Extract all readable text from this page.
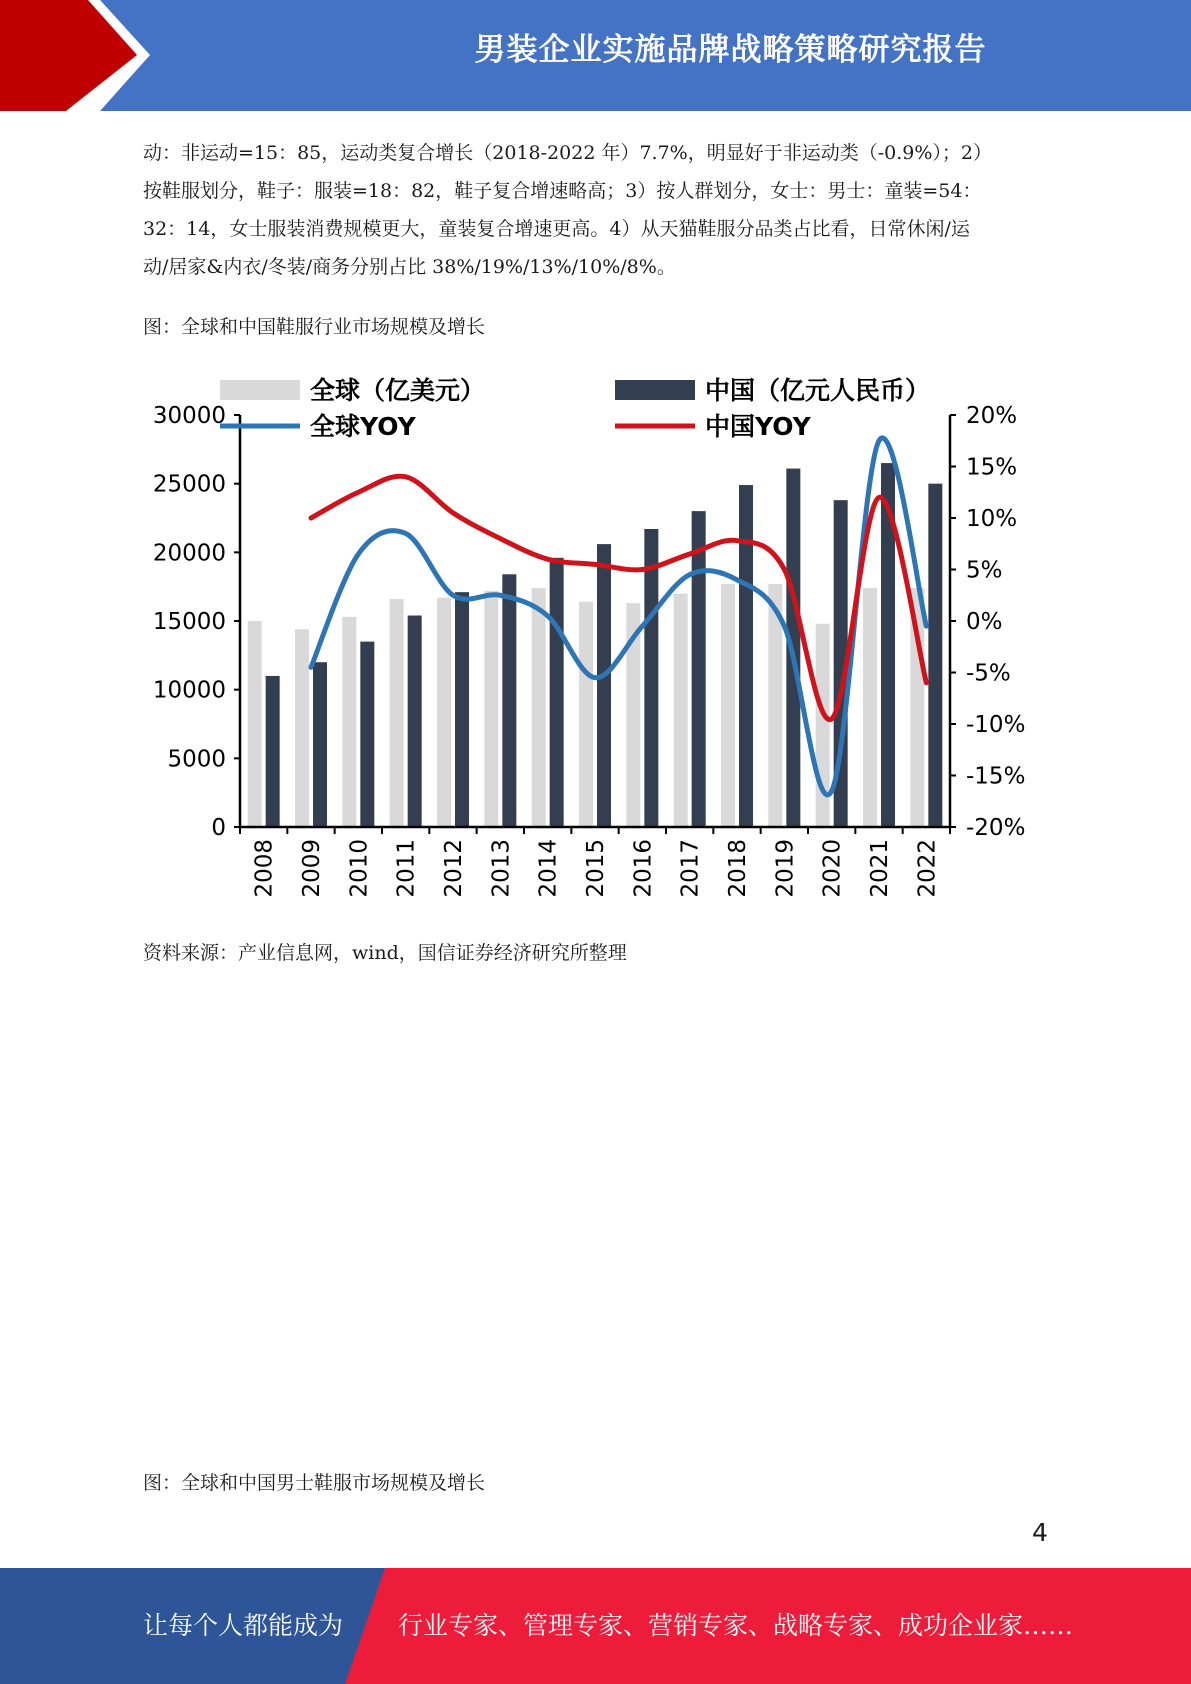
男装企业实施品牌战略策略研究报告
动：非运动=15：85，运动类复合增长（2018-2022 年）7.7%，明显好于非运动类（-0.9%）；2）
按鞋服划分，鞋子：服装=18：82，鞋子复合增速略高；3）按人群划分，女士：男士：童装=54：
32：14，女士服装消费规模更大，童装复合增速更高。4）从天猫鞋服分品类占比看，日常休闲/运
动/居家&内衣/冬装/商务分别占比 38%/19%/13%/10%/8%。
图：全球和中国鞋服行业市场规模及增长
0
5000
10000
15000
20000
25000
30000
-20%
-15%
-10%
-5%
0%
5%
10%
15%
20%
2008 2009 2010 2011 2012 2013 2014 2015 2016 2017 2018 2019 2020 2021 2022
全球（亿美元）	中国（亿元人民币）
全球YOY	中国YOY
资料来源：产业信息网，wind，国信证券经济研究所整理
图：全球和中国男士鞋服市场规模及增长
4
让每个人都能成为 行业专家、管理专家、营销专家、战略专家、成功企业家……
